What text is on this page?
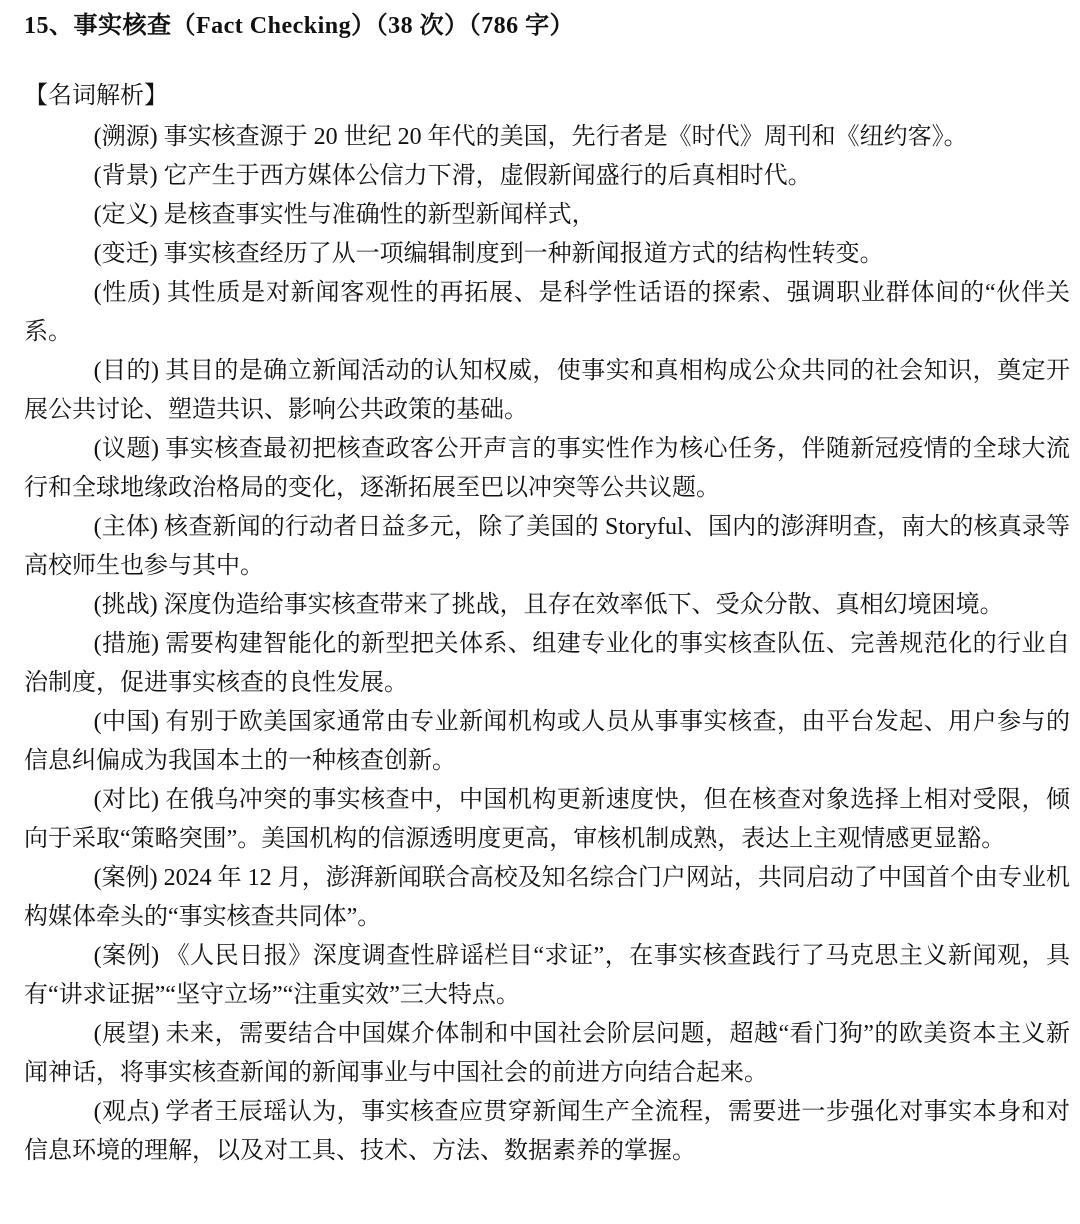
15、事实核查（Fact Checking）（38 次）（786 字）
【名词解析】

(溯源) 事实核查源于 20 世纪 20 年代的美国，先行者是《时代》周刊和《纽约客》。

(背景) 它产生于西方媒体公信力下滑，虚假新闻盛行的后真相时代。

(定义) 是核查事实性与准确性的新型新闻样式，

(变迁) 事实核查经历了从一项编辑制度到一种新闻报道方式的结构性转变。

(性质) 其性质是对新闻客观性的再拓展、是科学性话语的探索、强调职业群体间的“伙伴关系。

(目的) 其目的是确立新闻活动的认知权威，使事实和真相构成公众共同的社会知识，奠定开展公共讨论、塑造共识、影响公共政策的基础。

(议题) 事实核查最初把核查政客公开声言的事实性作为核心任务，伴随新冠疫情的全球大流行和全球地缘政治格局的变化，逐渐拓展至巴以冲突等公共议题。

(主体) 核查新闻的行动者日益多元，除了美国的 Storyful、国内的澎湃明查，南大的核真录等高校师生也参与其中。

(挑战) 深度伪造给事实核查带来了挑战，且存在效率低下、受众分散、真相幻境困境。

(措施) 需要构建智能化的新型把关体系、组建专业化的事实核查队伍、完善规范化的行业自治制度，促进事实核查的良性发展。

(中国) 有别于欧美国家通常由专业新闻机构或人员从事事实核查，由平台发起、用户参与的信息纠偏成为我国本土的一种核查创新。

(对比) 在俄乌冲突的事实核查中，中国机构更新速度快，但在核查对象选择上相对受限，倾向于采取“策略突围”。美国机构的信源透明度更高，审核机制成熟，表达上主观情感更显豁。

(案例) 2024 年 12 月，澎湃新闻联合高校及知名综合门户网站，共同启动了中国首个由专业机构媒体牵头的“事实核查共同体”。

(案例) 《人民日报》深度调查性辟谣栏目“求证”，在事实核查践行了马克思主义新闻观，具有“讲求证据”“坚守立场”“注重实效”三大特点。

(展望) 未来，需要结合中国媒介体制和中国社会阶层问题，超越“看门狗”的欧美资本主义新闻神话，将事实核查新闻的新闻事业与中国社会的前进方向结合起来。

(观点) 学者王辰瑶认为，事实核查应贯穿新闻生产全流程，需要进一步强化对事实本身和对信息环境的理解，以及对工具、技术、方法、数据素养的掌握。
